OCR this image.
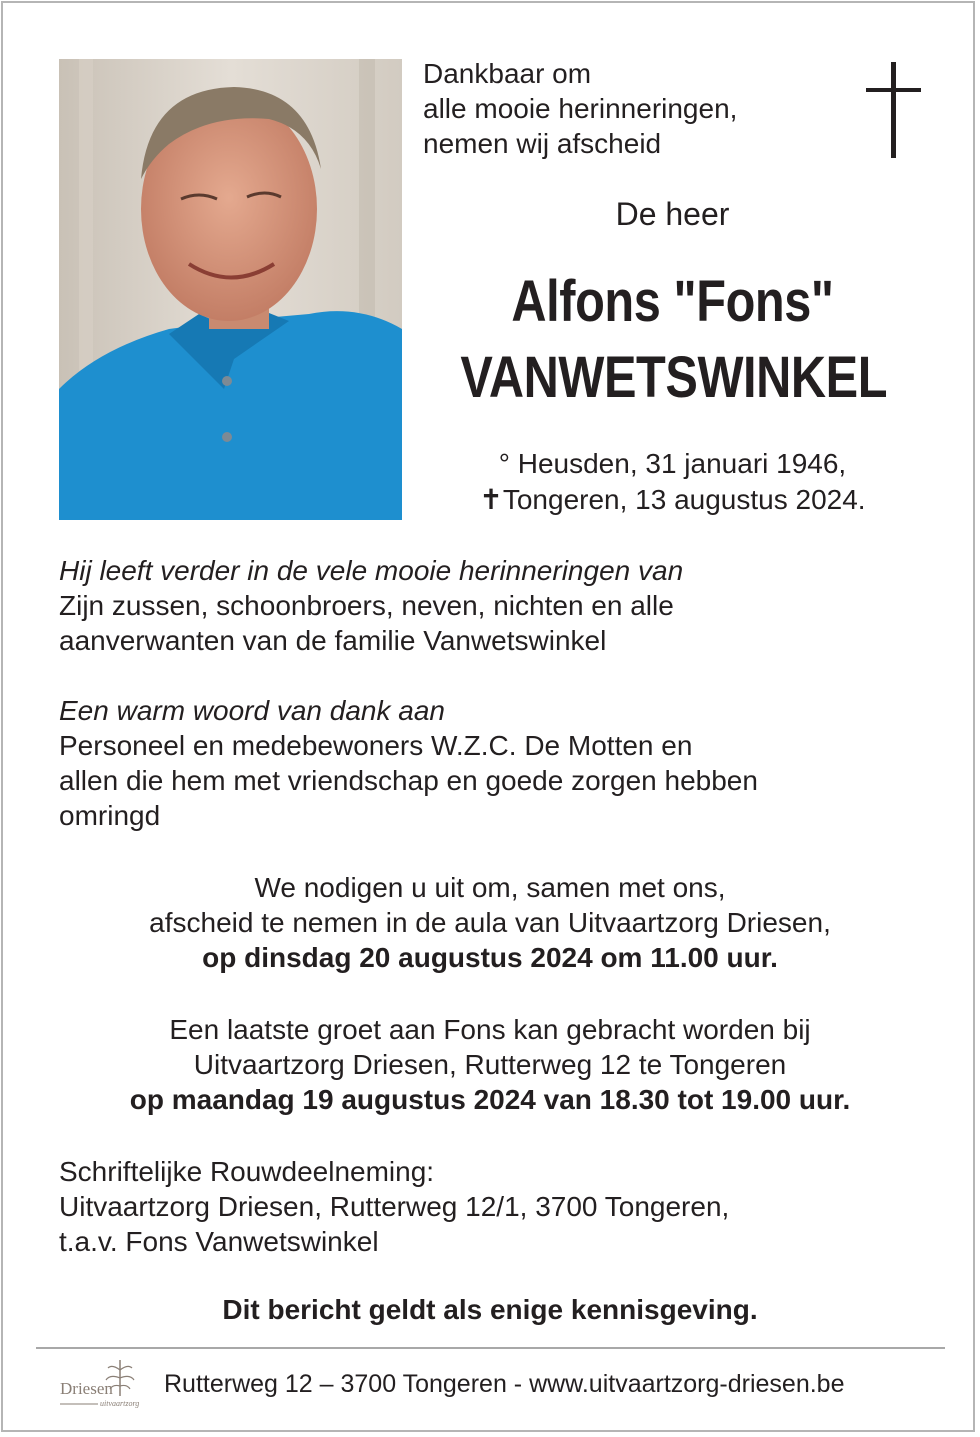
Dankbaar om
alle mooie herinneringen,
nemen wij afscheid
De heer
Alfons "Fons"
VANWETSWINKEL
° Heusden, 31 januari 1946,
✝Tongeren, 13 augustus 2024.
Hij leeft verder in de vele mooie herinneringen van
Zijn zussen, schoonbroers, neven, nichten en alle
aanverwanten van de familie Vanwetswinkel
Een warm woord van dank aan
Personeel en medebewoners W.Z.C. De Motten en
allen die hem met vriendschap en goede zorgen hebben
omringd
We nodigen u uit om, samen met ons,
afscheid te nemen in de aula van Uitvaartzorg Driesen,
op dinsdag 20 augustus 2024 om 11.00 uur.
Een laatste groet aan Fons kan gebracht worden bij
Uitvaartzorg Driesen, Rutterweg 12 te Tongeren
op maandag 19 augustus 2024 van 18.30 tot 19.00 uur.
Schriftelijke Rouwdeelneming:
Uitvaartzorg Driesen, Rutterweg 12/1, 3700 Tongeren,
t.a.v. Fons Vanwetswinkel
Dit bericht geldt als enige kennisgeving.
Driesen
uitvaartzorg
Rutterweg 12 – 3700 Tongeren - www.uitvaartzorg-driesen.be
